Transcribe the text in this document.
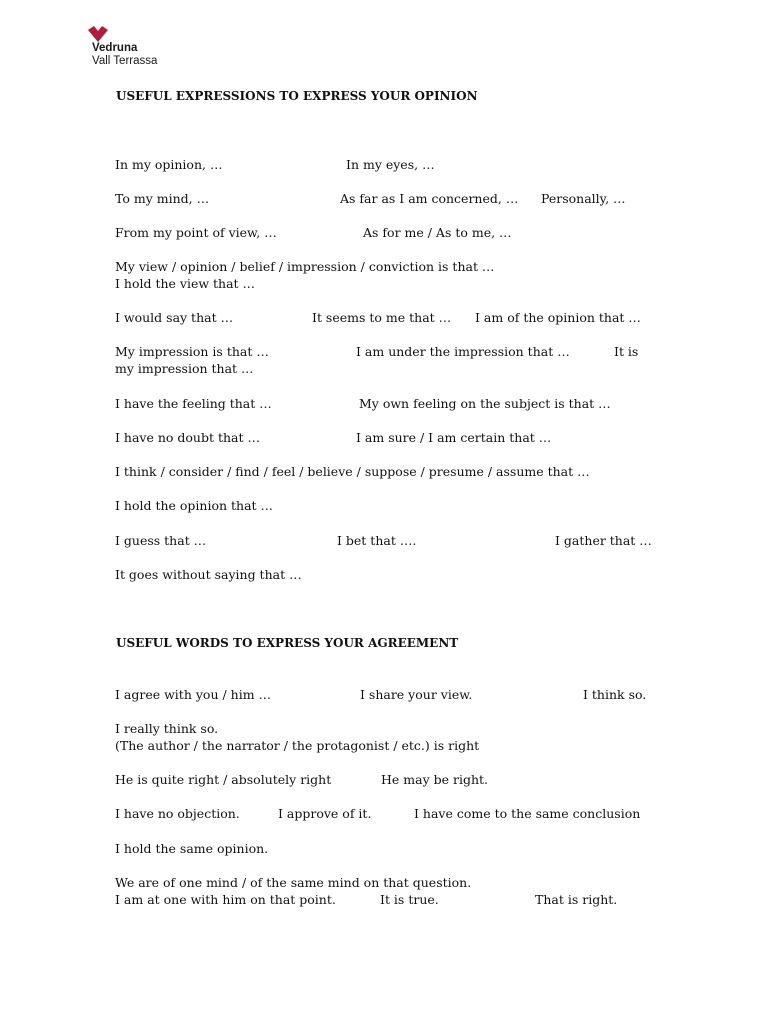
Vedruna
Vall Terrassa
USEFUL EXPRESSIONS TO EXPRESS YOUR OPINION
In my opinion, …	In my eyes, …
To my mind, …	As far as I am concerned, … Personally, …
From my point of view, …	As for me / As to me, …
My view / opinion / belief / impression / conviction is that …
I hold the view that …
I would say that …	It seems to me that … I am of the opinion that …
My impression is that …	I am under the impression that …	It is
my impression that …
I have the feeling that …	My own feeling on the subject is that …
I have no doubt that …	I am sure / I am certain that …
I think / consider / find / feel / believe / suppose / presume / assume that …
I hold the opinion that …
I guess that …	I bet that ….	I gather that …
It goes without saying that …
USEFUL WORDS TO EXPRESS YOUR AGREEMENT
I agree with you / him …	I share your view.	I think so.
I really think so.
(The author / the narrator / the protagonist / etc.) is right
He is quite right / absolutely right	He may be right.
I have no objection.	I approve of it.	I have come to the same conclusion
I hold the same opinion.
We are of one mind / of the same mind on that question.
I am at one with him on that point.	It is true.	That is right.
